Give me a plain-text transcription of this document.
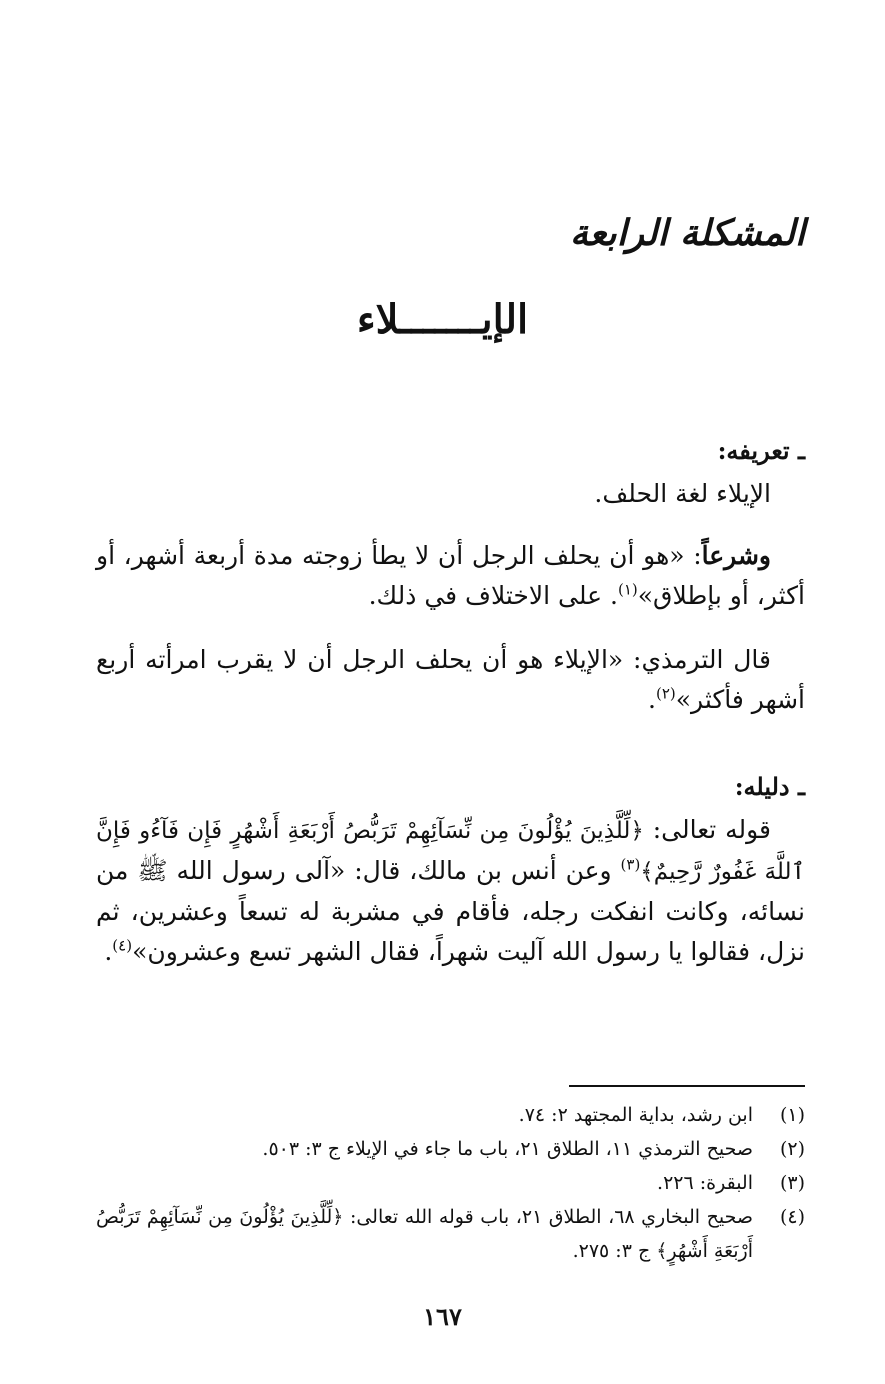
المشكلة الرابعة
الإيـــــــلاء
ـ تعريفه:

الإيلاء لغة الحلف.

وشرعاً: «هو أن يحلف الرجل أن لا يطأ زوجته مدة أربعة أشهر، أو أكثر، أو بإطلاق»$^{(١)}$. على الاختلاف في ذلك.

قال الترمذي: «الإيلاء هو أن يحلف الرجل أن لا يقرب امرأته أربع أشهر فأكثر»$^{(٢)}$.

ـ دليله:

قوله تعالى: ﴿لِّلَّذِينَ يُؤْلُونَ مِن نِّسَآئِهِمْ تَرَبُّصُ أَرْبَعَةِ أَشْهُرٍ فَإِن فَآءُو فَإِنَّ ٱللَّهَ غَفُورٌ رَّحِيمٌ﴾$^{(٣)}$ وعن أنس بن مالك، قال: «آلى رسول الله ﷺ من نسائه، وكانت انفكت رجله، فأقام في مشربة له تسعاً وعشرين، ثم نزل، فقالوا يا رسول الله آليت شهراً، فقال الشهر تسع وعشرون»$^{(٤)}$.

(١)
ابن رشد، بداية المجتهد ٢: ٧٤.
(٢)
صحيح الترمذي ١١، الطلاق ٢١، باب ما جاء في الإيلاء ج ٣: ٥٠٣.
(٣)
البقرة: ٢٢٦.
(٤)
صحيح البخاري ٦٨، الطلاق ٢١، باب قوله الله تعالى: ﴿لِّلَّذِينَ يُؤْلُونَ مِن نِّسَآئِهِمْ تَرَبُّصُ أَرْبَعَةِ أَشْهُرٍ﴾ ج ٣: ٢٧٥.
١٦٧
